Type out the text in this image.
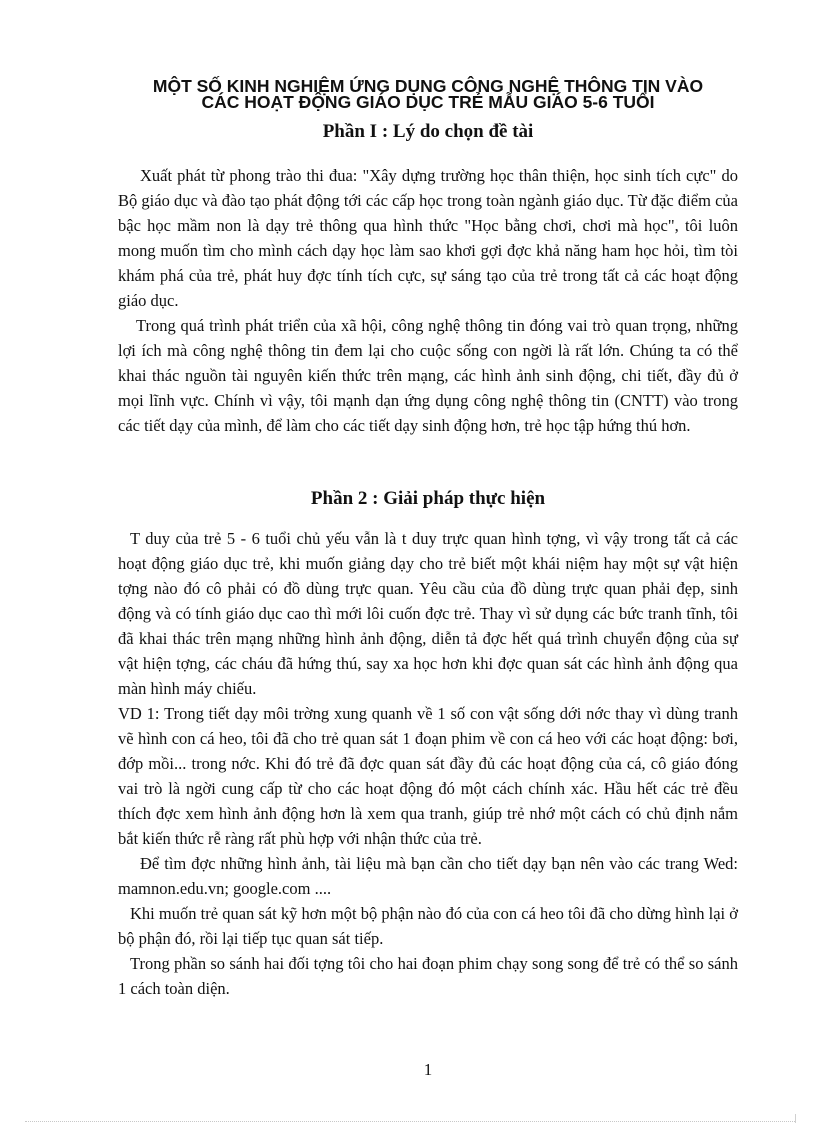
MỘT SỐ KINH NGHIỆM ỨNG DỤNG CÔNG NGHỆ THÔNG TIN VÀO
CÁC HOẠT ĐỘNG GIÁO DỤC TRẺ MẪU GIÁO 5-6 TUỔI
Phần I : Lý do chọn đề tài

Xuất phát từ phong trào thi đua: "Xây dựng trường học thân thiện, học sinh tích cực" do Bộ giáo dục và đào tạo phát động tới các cấp học trong toàn ngành giáo dục. Từ đặc điểm của bậc học mầm non là dạy trẻ thông qua hình thức "Học bằng chơi, chơi mà học", tôi luôn mong muốn tìm cho mình cách dạy học làm sao khơi gợi đợc khả năng ham học hỏi, tìm tòi khám phá của trẻ, phát huy đợc tính tích cực, sự sáng tạo của trẻ trong tất cả các hoạt động giáo dục.

Trong quá trình phát triển của xã hội, công nghệ thông tin đóng vai trò quan trọng, những lợi ích mà công nghệ thông tin đem lại cho cuộc sống con ngời là rất lớn. Chúng ta có thể khai thác nguồn tài nguyên kiến thức trên mạng, các hình ảnh sinh động, chi tiết, đầy đủ ở mọi lĩnh vực. Chính vì vậy, tôi mạnh dạn ứng dụng công nghệ thông tin (CNTT) vào trong các tiết dạy của mình, để làm cho các tiết dạy sinh động hơn, trẻ học tập hứng thú hơn.

Phần 2 : Giải pháp thực hiện

T duy của trẻ 5 - 6 tuổi chủ yếu vẫn là t duy trực quan hình tợng, vì vậy trong tất cả các hoạt động giáo dục trẻ, khi muốn giảng dạy cho trẻ biết một khái niệm hay một sự vật hiện tợng nào đó cô phải có đồ dùng trực quan. Yêu cầu của đồ dùng trực quan phải đẹp, sinh động và có tính giáo dục cao thì mới lôi cuốn đợc trẻ. Thay vì sử dụng các bức tranh tĩnh, tôi đã khai thác trên mạng những hình ảnh động, diễn tả đợc hết quá trình chuyển động của sự vật hiện tợng, các cháu đã hứng thú, say xa học hơn khi đợc quan sát các hình ảnh động qua màn hình máy chiếu.

VD 1: Trong tiết dạy môi trờng xung quanh về 1 số con vật sống dới nớc thay vì dùng tranh vẽ hình con cá heo, tôi đã cho trẻ quan sát 1 đoạn phim về con cá heo với các hoạt động: bơi, đớp mồi... trong nớc. Khi đó trẻ đã đợc quan sát đầy đủ các hoạt động của cá, cô giáo đóng vai trò là ngời cung cấp từ cho các hoạt động đó một cách chính xác. Hầu hết các trẻ đều thích đợc xem hình ảnh động hơn là xem qua tranh, giúp trẻ nhớ một cách có chủ định nắm bắt kiến thức rễ ràng rất phù hợp với nhận thức của trẻ.

Để tìm đợc những hình ảnh, tài liệu mà bạn cần cho tiết dạy bạn nên vào các trang Wed: mamnon.edu.vn; google.com ....

Khi muốn trẻ quan sát kỹ hơn một bộ phận nào đó của con cá heo tôi đã cho dừng hình lại ở bộ phận đó, rồi lại tiếp tục quan sát tiếp.

Trong phần so sánh hai đối tợng tôi cho hai đoạn phim chạy song song để trẻ có thể so sánh 1 cách toàn diện.

1
